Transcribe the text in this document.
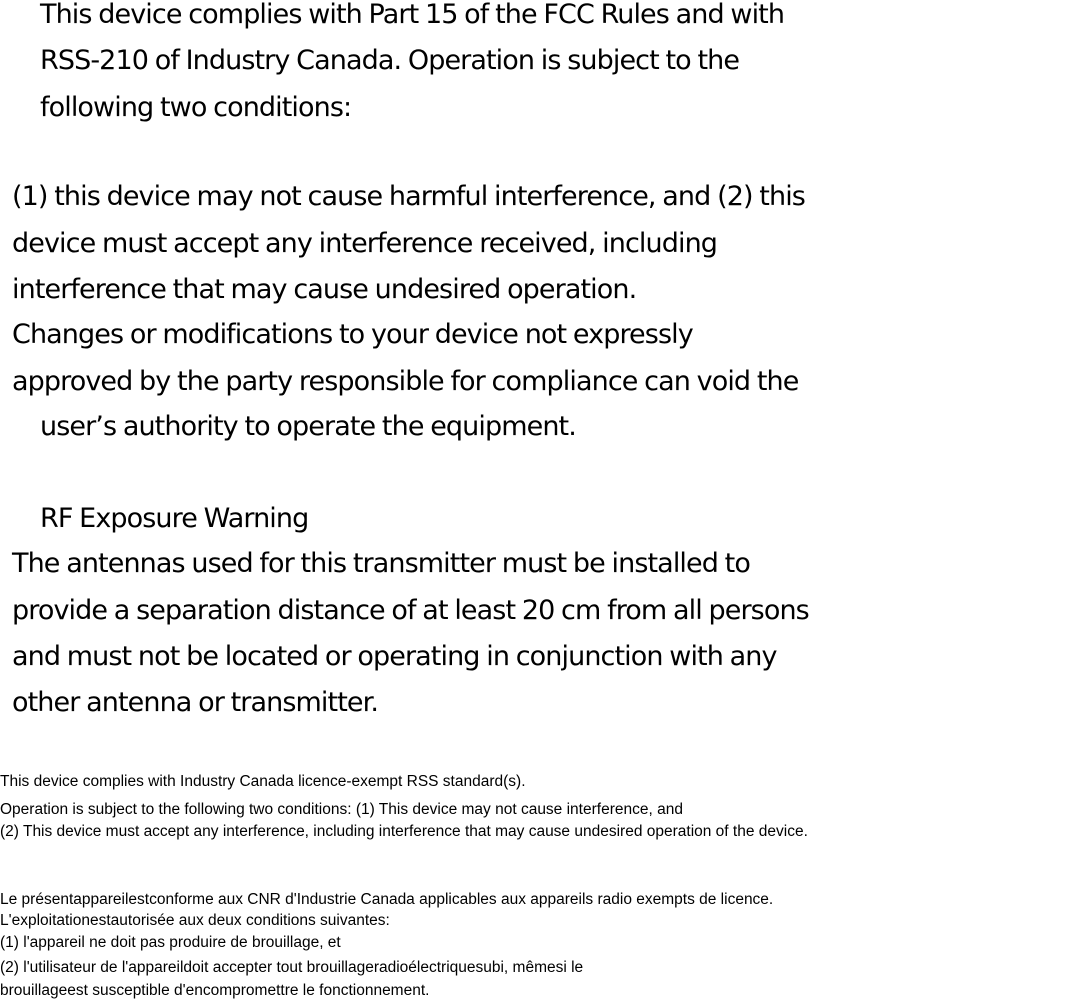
This device complies with Part 15 of the FCC Rules and with
RSS-210 of Industry Canada. Operation is subject to the
following two conditions:
(1) this device may not cause harmful interference, and (2) this
device must accept any interference received, including
interference that may cause undesired operation.
Changes or modifications to your device not expressly
approved by the party responsible for compliance can void the
user’s authority to operate the equipment.
RF Exposure Warning
The antennas used for this transmitter must be installed to
provide a separation distance of at least 20 cm from all persons
and must not be located or operating in conjunction with any
other antenna or transmitter.
This device complies with Industry Canada licence-exempt RSS standard(s).
Operation is subject to the following two conditions: (1) This device may not cause interference, and
(2) This device must accept any interference, including interference that may cause undesired operation of the device.
Le présentappareilestconforme aux CNR d'Industrie Canada applicables aux appareils radio exempts de licence.
L'exploitationestautorisée aux deux conditions suivantes:
(1) l'appareil ne doit pas produire de brouillage, et
(2) l'utilisateur de l'appareildoit accepter tout brouillageradioélectriquesubi, mêmesi le
brouillageest susceptible d'encompromettre le fonctionnement.
